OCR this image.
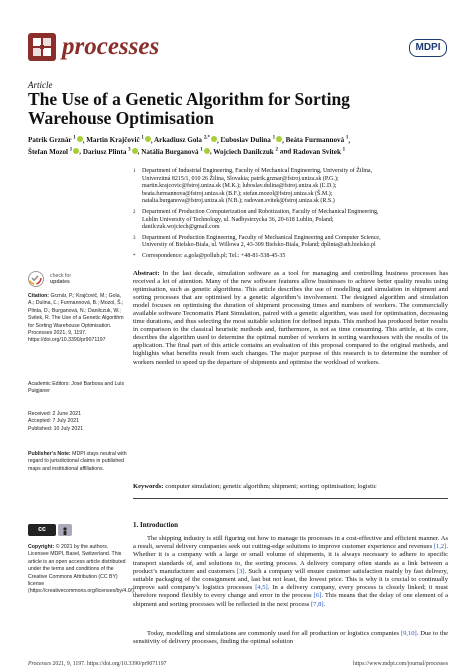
processes	MDPI
Article
The Use of a Genetic Algorithm for Sorting Warehouse Optimisation
Patrik Grznár $^1$ , Martin Krajčovič $^1$ , Arkadiusz Gola $^{2,*}$ , Ľuboslav Dulina $^1$ , Beáta Furmannová $^1$,
Štefan Mozol $^1$ , Dariusz Plinta $^3$ , Natália Burganová $^1$ , Wojciech Danilczuk $^2$ and Radovan Svitek $^1$
1 Department of Industrial Engineering, Faculty of Mechanical Engineering, University of Žilina,
Univerzitná 8215/1, 010 26 Žilina, Slovakia; patrik.grznar@fstroj.uniza.sk (P.G.);
martin.krajcovic@fstroj.uniza.sk (M.K.); luboslav.dulina@fstroj.uniza.sk (Ľ.D.);
beata.furmannova@fstroj.uniza.sk (B.F.); stefan.mozol@fstroj.uniza.sk (Š.M.);
natalia.burganova@fstroj.uniza.sk (N.B.); radovan.svitek@fstroj.uniza.sk (R.S.)
2 Department of Production Computerization and Robotization, Faculty of Mechanical Engineering,
Lublin University of Technology, ul. Nadbystrzycka 36, 20-618 Lublin, Poland;
danilczuk.wojciech@gmail.com
3 Department of Production Engineering, Faculty of Mechanical Engineering and Computer Science,
University of Bielsko-Biala, ul. Willowa 2, 43-309 Bielsko-Biala, Poland; dplinta@ath.bielsko.pl
* Correspondence: a.gola@pollub.pl; Tel.: +48-81-538-45-35
check for
updates
Citation: Grznár, P.; Krajčovič, M.; Gola, A.; Dulina, Ľ.; Furmannová, B.; Mozol, Š.; Plinta, D.; Burganová, N.; Danilczuk, W.; Svitek, R. The Use of a Genetic Algorithm for Sorting Warehouse Optimisation. Processes 2021, 9, 1197. https://doi.org/10.3390/pr9071197
Academic Editors: José Barbosa and Luis Puigjaner
Received: 2 June 2021
Accepted: 7 July 2021
Published: 10 July 2021
Publisher’s Note: MDPI stays neutral with regard to jurisdictional claims in published maps and institutional affiliations.
cc
Copyright: © 2021 by the authors. Licensee MDPI, Basel, Switzerland. This article is an open access article distributed under the terms and conditions of the Creative Commons Attribution (CC BY) license (https://creativecommons.org/licenses/by/4.0/).
Abstract: In the last decade, simulation software as a tool for managing and controlling business processes has received a lot of attention. Many of the new software features allow businesses to achieve better quality results using optimisation, such as genetic algorithms. This article describes the use of modelling and simulation in shipment and sorting processes that are optimised by a genetic algorithm’s involvement. The designed algorithm and simulation model focuses on optimising the duration of shipment processing times and numbers of workers. The commercially available software Tecnomatix Plant Simulation, paired with a genetic algorithm, was used for optimisation, decreasing time durations, and thus selecting the most suitable solution for defined inputs. This method has produced better results in comparison to the classical heuristic methods and, furthermore, is not as time consuming. This article, at its core, describes the algorithm used to determine the optimal number of workers in sorting warehouses with the results of its application. The final part of this article contains an evaluation of this proposal compared to the original methods, and highlights what benefits result from such changes. The major purpose of this research is to determine the number of workers needed to speed up the departure of shipments and optimise the workload of workers.
Keywords: computer simulation; genetic algorithm; shipment; sorting; optimisation; logistic
1. Introduction
The shipping industry is still figuring out how to manage its processes in a cost-effective and efficient manner. As a result, several delivery companies seek out cutting-edge solutions to improve customer experience and revenues [1,2]. Whether it is a company with a large or small volume of shipments, it is always necessary to adhere to specific transport standards of, and solutions to, the sorting process. A delivery company often stands as a link between a product’s manufacturer and customers [3]. Such a company will ensure customer satisfaction mainly by fast delivery, suitable packaging of the consignment and, last but not least, the lowest price. This is why it is crucial to continually improve said company’s logistics processes [4,5]. In a delivery company, every process is closely linked; it must therefore respond flexibly to every change and error in the process [6]. This means that the delay of one element of a shipment and sorting processes will be reflected in the next process [7,8].
Today, modelling and simulations are commonly used for all production or logistics companies [9,10]. Due to the sensitivity of delivery processes, finding the optimal solution
Processes 2021, 9, 1197. https://doi.org/10.3390/pr9071197	https://www.mdpi.com/journal/processes
